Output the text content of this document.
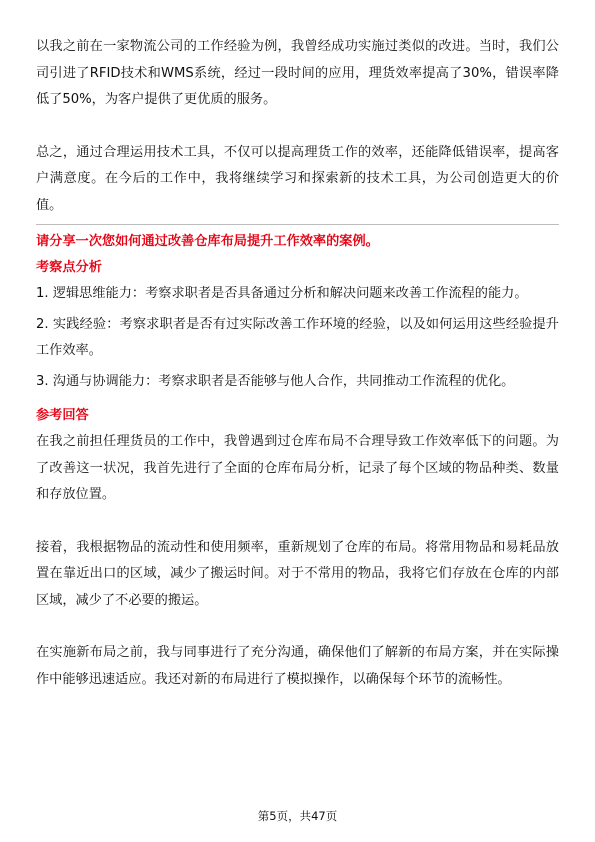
以我之前在一家物流公司的工作经验为例，我曾经成功实施过类似的改进。当时，我们公司引进了RFID技术和WMS系统，经过一段时间的应用，理货效率提高了30%，错误率降低了50%，为客户提供了更优质的服务。

总之，通过合理运用技术工具，不仅可以提高理货工作的效率，还能降低错误率，提高客户满意度。在今后的工作中，我将继续学习和探索新的技术工具，为公司创造更大的价值。

请分享一次您如何通过改善仓库布局提升工作效率的案例。

考察点分析

1. 逻辑思维能力：考察求职者是否具备通过分析和解决问题来改善工作流程的能力。

2. 实践经验：考察求职者是否有过实际改善工作环境的经验，以及如何运用这些经验提升工作效率。

3. 沟通与协调能力：考察求职者是否能够与他人合作，共同推动工作流程的优化。

参考回答

在我之前担任理货员的工作中，我曾遇到过仓库布局不合理导致工作效率低下的问题。为了改善这一状况，我首先进行了全面的仓库布局分析，记录了每个区域的物品种类、数量和存放位置。

接着，我根据物品的流动性和使用频率，重新规划了仓库的布局。将常用物品和易耗品放置在靠近出口的区域，减少了搬运时间。对于不常用的物品，我将它们存放在仓库的内部区域，减少了不必要的搬运。

在实施新布局之前，我与同事进行了充分沟通，确保他们了解新的布局方案，并在实际操作中能够迅速适应。我还对新的布局进行了模拟操作，以确保每个环节的流畅性。

第5页，共47页
